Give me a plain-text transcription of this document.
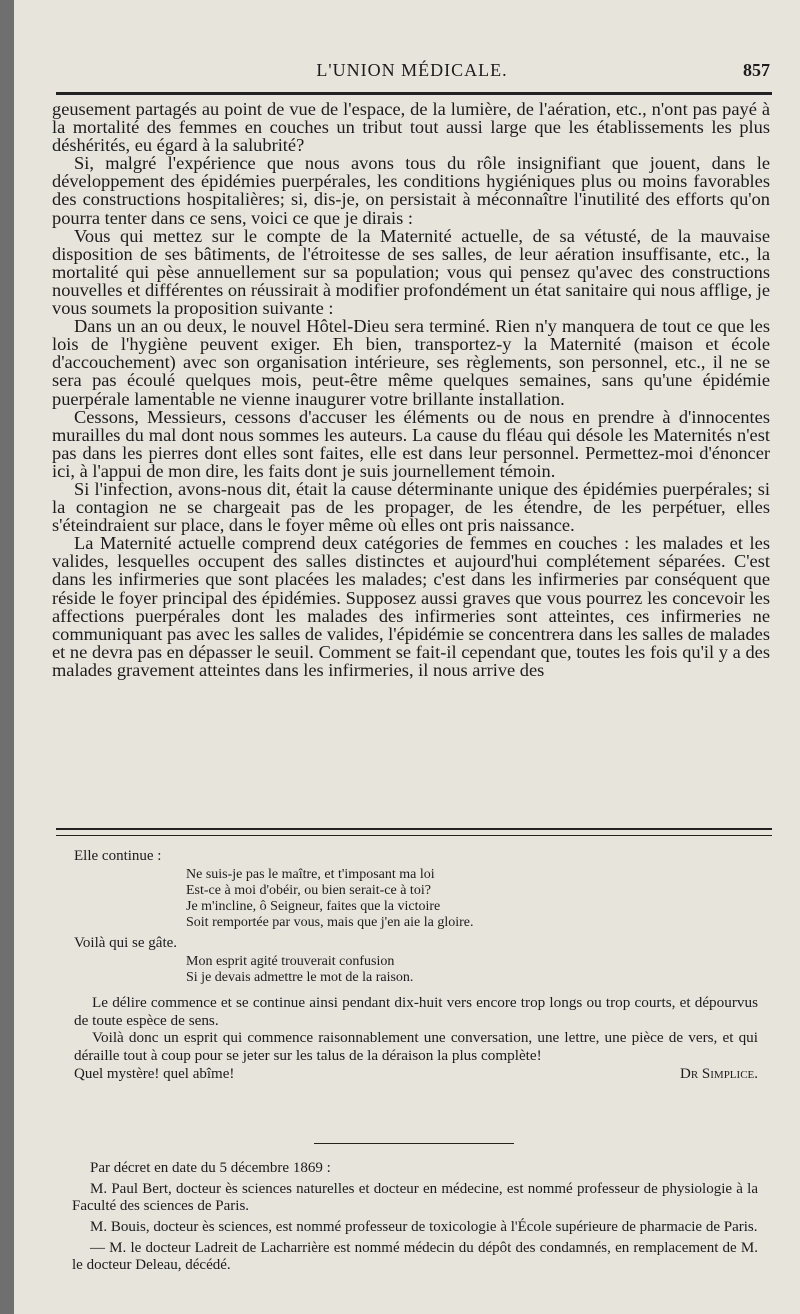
L'UNION MÉDICALE.	857

geusement partagés au point de vue de l'espace, de la lumière, de l'aération, etc., n'ont pas payé à la mortalité des femmes en couches un tribut tout aussi large que les établissements les plus déshérités, eu égard à la salubrité?

Si, malgré l'expérience que nous avons tous du rôle insignifiant que jouent, dans le développement des épidémies puerpérales, les conditions hygiéniques plus ou moins favorables des constructions hospitalières; si, dis-je, on persistait à méconnaître l'inutilité des efforts qu'on pourra tenter dans ce sens, voici ce que je dirais :

Vous qui mettez sur le compte de la Maternité actuelle, de sa vétusté, de la mauvaise disposition de ses bâtiments, de l'étroitesse de ses salles, de leur aération insuffisante, etc., la mortalité qui pèse annuellement sur sa population; vous qui pensez qu'avec des constructions nouvelles et différentes on réussirait à modifier profondément un état sanitaire qui nous afflige, je vous soumets la proposition suivante :

Dans un an ou deux, le nouvel Hôtel-Dieu sera terminé. Rien n'y manquera de tout ce que les lois de l'hygiène peuvent exiger. Eh bien, transportez-y la Maternité (maison et école d'accouchement) avec son organisation intérieure, ses règlements, son personnel, etc., il ne se sera pas écoulé quelques mois, peut-être même quelques semaines, sans qu'une épidémie puerpérale lamentable ne vienne inaugurer votre brillante installation.

Cessons, Messieurs, cessons d'accuser les éléments ou de nous en prendre à d'innocentes murailles du mal dont nous sommes les auteurs. La cause du fléau qui désole les Maternités n'est pas dans les pierres dont elles sont faites, elle est dans leur personnel. Permettez-moi d'énoncer ici, à l'appui de mon dire, les faits dont je suis journellement témoin.

Si l'infection, avons-nous dit, était la cause déterminante unique des épidémies puerpérales; si la contagion ne se chargeait pas de les propager, de les étendre, de les perpétuer, elles s'éteindraient sur place, dans le foyer même où elles ont pris naissance.

La Maternité actuelle comprend deux catégories de femmes en couches : les malades et les valides, lesquelles occupent des salles distinctes et aujourd'hui complétement séparées. C'est dans les infirmeries que sont placées les malades; c'est dans les infirmeries par conséquent que réside le foyer principal des épidémies. Supposez aussi graves que vous pourrez les concevoir les affections puerpérales dont les malades des infirmeries sont atteintes, ces infirmeries ne communiquant pas avec les salles de valides, l'épidémie se concentrera dans les salles de malades et ne devra pas en dépasser le seuil. Comment se fait-il cependant que, toutes les fois qu'il y a des malades gravement atteintes dans les infirmeries, il nous arrive des

Elle continue :

Ne suis-je pas le maître, et t'imposant ma loi
Est-ce à moi d'obéir, ou bien serait-ce à toi?
Je m'incline, ô Seigneur, faites que la victoire
Soit remportée par vous, mais que j'en aie la gloire.

Voilà qui se gâte.

Mon esprit agité trouverait confusion
Si je devais admettre le mot de la raison.

Le délire commence et se continue ainsi pendant dix-huit vers encore trop longs ou trop courts, et dépourvus de toute espèce de sens.

Voilà donc un esprit qui commence raisonnablement une conversation, une lettre, une pièce de vers, et qui déraille tout à coup pour se jeter sur les talus de la déraison la plus complète!

Quel mystère! quel abîme!	Dr Simplice.

Par décret en date du 5 décembre 1869 :

M. Paul Bert, docteur ès sciences naturelles et docteur en médecine, est nommé professeur de physiologie à la Faculté des sciences de Paris.

M. Bouis, docteur ès sciences, est nommé professeur de toxicologie à l'École supérieure de pharmacie de Paris.

— M. le docteur Ladreit de Lacharrière est nommé médecin du dépôt des condamnés, en remplacement de M. le docteur Deleau, décédé.
